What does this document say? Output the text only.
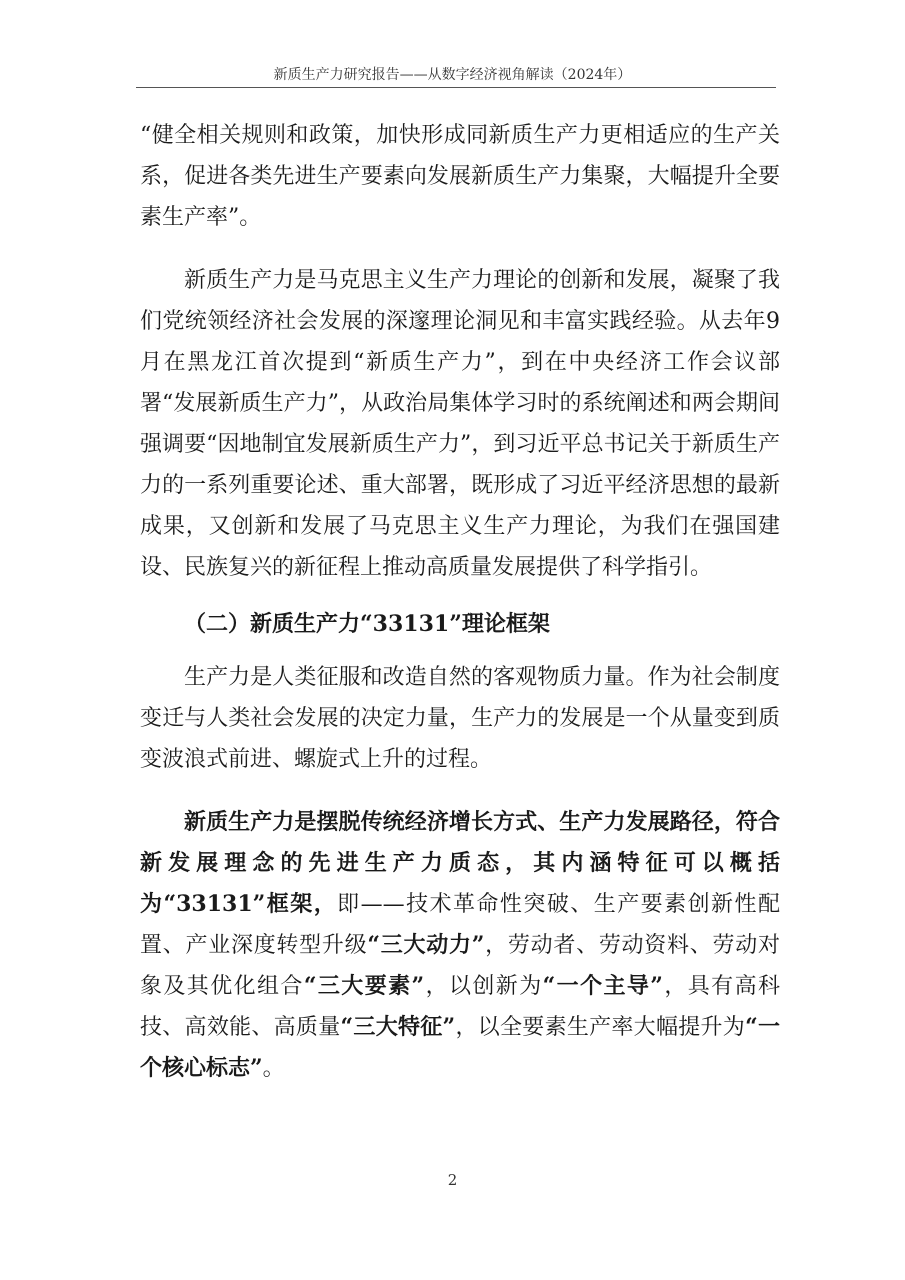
新质生产力研究报告——从数字经济视角解读（2024年）

“健全相关规则和政策，加快形成同新质生产力更相适应的生产关系，促进各类先进生产要素向发展新质生产力集聚，大幅提升全要素生产率”。

新质生产力是马克思主义生产力理论的创新和发展，凝聚了我们党统领经济社会发展的深邃理论洞见和丰富实践经验。从去年9月在黑龙江首次提到“新质生产力”，到在中央经济工作会议部署“发展新质生产力”，从政治局集体学习时的系统阐述和两会期间强调要“因地制宜发展新质生产力”，到习近平总书记关于新质生产力的一系列重要论述、重大部署，既形成了习近平经济思想的最新成果，又创新和发展了马克思主义生产力理论，为我们在强国建设、民族复兴的新征程上推动高质量发展提供了科学指引。

（二）新质生产力“33131”理论框架

生产力是人类征服和改造自然的客观物质力量。作为社会制度变迁与人类社会发展的决定力量，生产力的发展是一个从量变到质变波浪式前进、螺旋式上升的过程。

新质生产力是摆脱传统经济增长方式、生产力发展路径，符合新发展理念的先进生产力质态，其内涵特征可以概括为“33131”框架，即——技术革命性突破、生产要素创新性配置、产业深度转型升级“三大动力”，劳动者、劳动资料、劳动对象及其优化组合“三大要素”，以创新为“一个主导”，具有高科技、高效能、高质量“三大特征”，以全要素生产率大幅提升为“一个核心标志”。

2
